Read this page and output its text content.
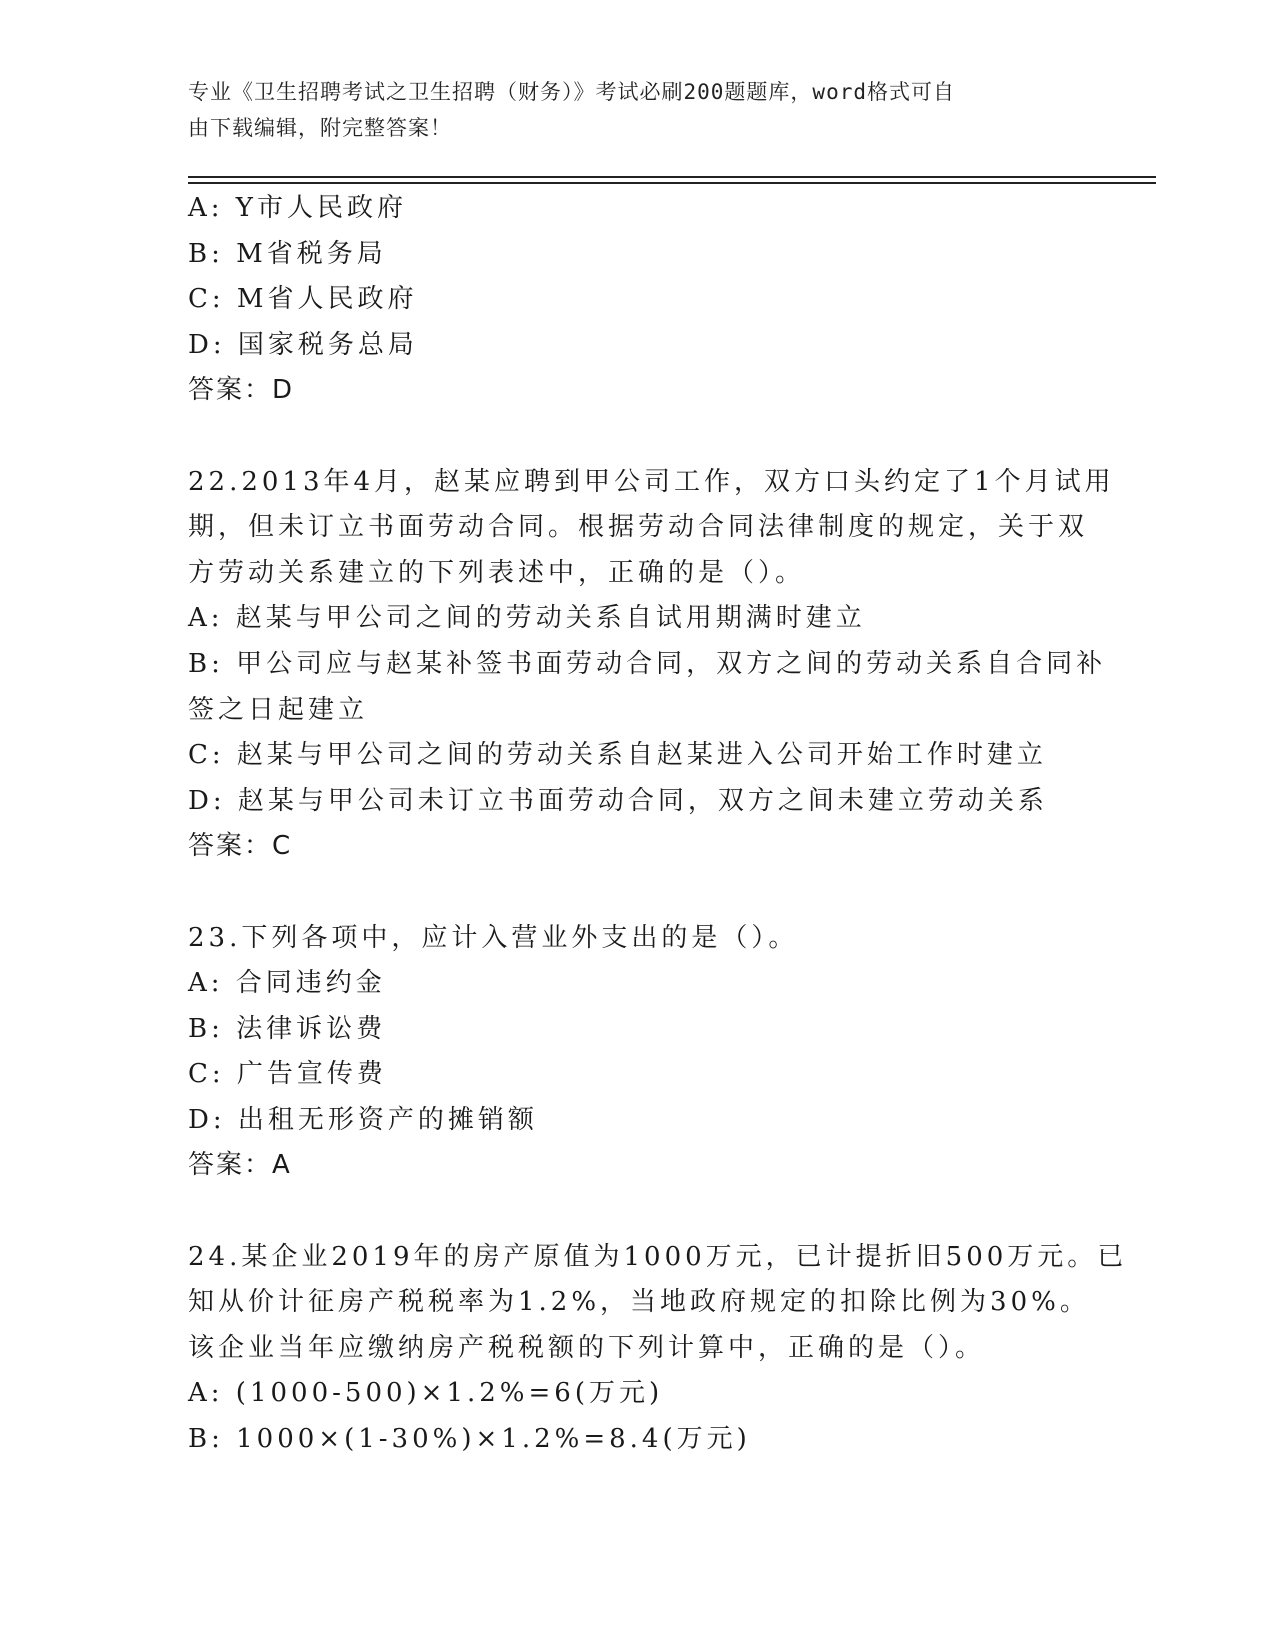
专业《卫生招聘考试之卫生招聘（财务）》考试必刷200题题库，word格式可自
由下载编辑，附完整答案！
A: Y市人民政府
B: M省税务局
C: M省人民政府
D: 国家税务总局
答案：D
22.2013年4月，赵某应聘到甲公司工作，双方口头约定了1个月试用
期，但未订立书面劳动合同。根据劳动合同法律制度的规定，关于双
方劳动关系建立的下列表述中，正确的是（）。
A: 赵某与甲公司之间的劳动关系自试用期满时建立
B: 甲公司应与赵某补签书面劳动合同，双方之间的劳动关系自合同补
签之日起建立
C: 赵某与甲公司之间的劳动关系自赵某进入公司开始工作时建立
D: 赵某与甲公司未订立书面劳动合同，双方之间未建立劳动关系
答案：C
23.下列各项中，应计入营业外支出的是（）。
A: 合同违约金
B: 法律诉讼费
C: 广告宣传费
D: 出租无形资产的摊销额
答案：A
24.某企业2019年的房产原值为1000万元，已计提折旧500万元。已
知从价计征房产税税率为1.2%，当地政府规定的扣除比例为30%。
该企业当年应缴纳房产税税额的下列计算中，正确的是（）。
A: (1000-500)×1.2%=6(万元)
B: 1000×(1-30%)×1.2%=8.4(万元)
